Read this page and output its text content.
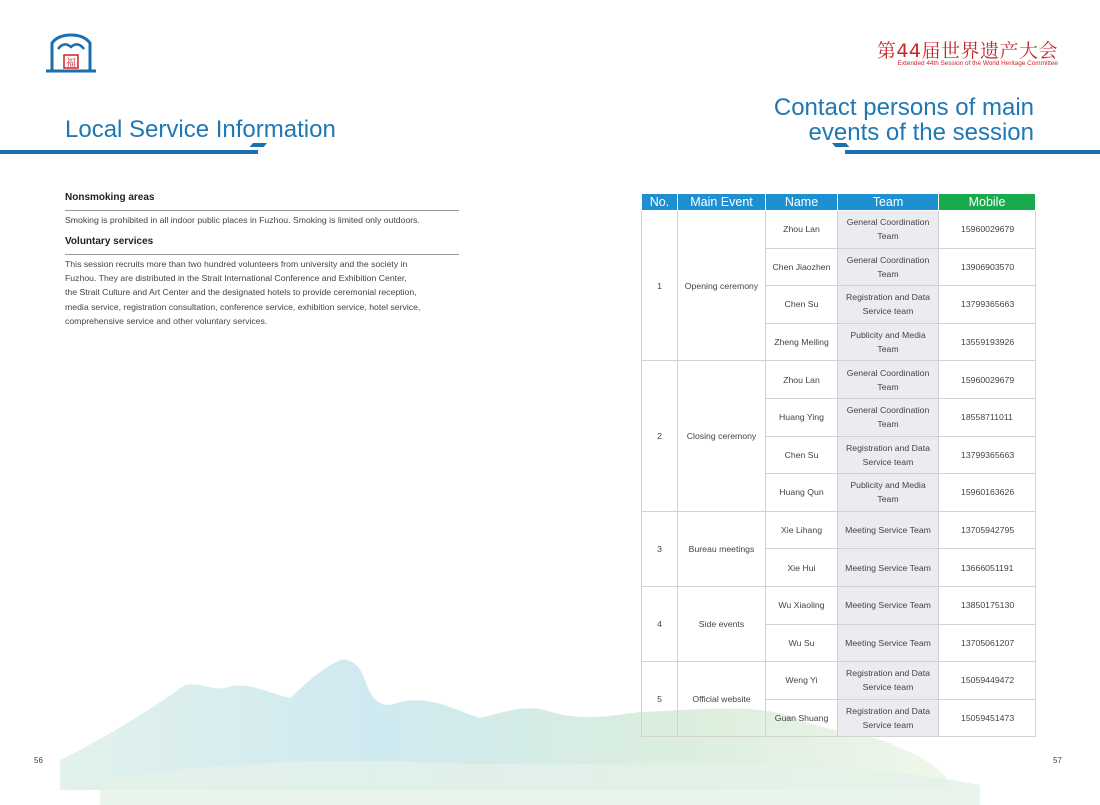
福
第44届世界遗产大会
Extended 44th Session of the World Heritage Committee
Local Service Information
Contact persons of main
events of the session
Nonsmoking areas
Smoking is prohibited in all indoor public places in Fuzhou. Smoking is limited only outdoors.
Voluntary services
This session recruits more than two hundred volunteers from university and the society in
Fuzhou. They are distributed in the Strait International Conference and Exhibition Center,
the Strait Culture and Art Center and the designated hotels to provide ceremonial reception,
media service, registration consultation, conference service, exhibition service, hotel service,
comprehensive service and other voluntary services.
No.	Main Event	Name	Team	Mobile
1	Opening ceremony	Zhou Lan	General Coordination Team	15960029679
		Chen Jiaozhen	General Coordination Team	13906903570
		Chen Su	Registration and Data Service team	13799365663
		Zheng Meiling	Publicity and Media Team	13559193926
2	Closing ceremony	Zhou Lan	General Coordination Team	15960029679
		Huang Ying	General Coordination Team	18558711011
		Chen Su	Registration and Data Service team	13799365663
		Huang Qun	Publicity and Media Team	15960163626
3	Bureau meetings	Xie Lihang	Meeting Service Team	13705942795
		Xie Hui	Meeting Service Team	13666051191
4	Side events	Wu Xiaoling	Meeting Service Team	13850175130
		Wu Su	Meeting Service Team	13705061207
5	Official website	Weng Yi	Registration and Data Service team	15059449472
		Guan Shuang	Registration and Data Service team	15059451473
56	57
